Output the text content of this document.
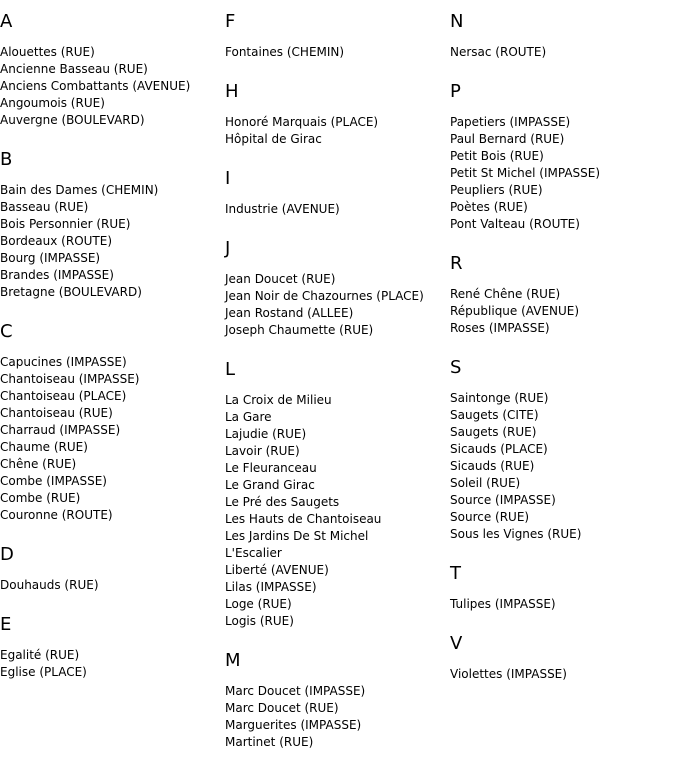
A
Alouettes (RUE)
Ancienne Basseau (RUE)
Anciens Combattants (AVENUE)
Angoumois (RUE)
Auvergne (BOULEVARD)
B
Bain des Dames (CHEMIN)
Basseau (RUE)
Bois Personnier (RUE)
Bordeaux (ROUTE)
Bourg (IMPASSE)
Brandes (IMPASSE)
Bretagne (BOULEVARD)
C
Capucines (IMPASSE)
Chantoiseau (IMPASSE)
Chantoiseau (PLACE)
Chantoiseau (RUE)
Charraud (IMPASSE)
Chaume (RUE)
Chêne (RUE)
Combe (IMPASSE)
Combe (RUE)
Couronne (ROUTE)
D
Douhauds (RUE)
E
Egalité (RUE)
Eglise (PLACE)
F
Fontaines (CHEMIN)
H
Honoré Marquais (PLACE)
Hôpital de Girac
I
Industrie (AVENUE)
J
Jean Doucet (RUE)
Jean Noir de Chazournes (PLACE)
Jean Rostand (ALLEE)
Joseph Chaumette (RUE)
L
La Croix de Milieu
La Gare
Lajudie (RUE)
Lavoir (RUE)
Le Fleuranceau
Le Grand Girac
Le Pré des Saugets
Les Hauts de Chantoiseau
Les Jardins De St Michel
L'Escalier
Liberté (AVENUE)
Lilas (IMPASSE)
Loge (RUE)
Logis (RUE)
M
Marc Doucet (IMPASSE)
Marc Doucet (RUE)
Marguerites (IMPASSE)
Martinet (RUE)
N
Nersac (ROUTE)
P
Papetiers (IMPASSE)
Paul Bernard (RUE)
Petit Bois (RUE)
Petit St Michel (IMPASSE)
Peupliers (RUE)
Poètes (RUE)
Pont Valteau (ROUTE)
R
René Chêne (RUE)
République (AVENUE)
Roses (IMPASSE)
S
Saintonge (RUE)
Saugets (CITE)
Saugets (RUE)
Sicauds (PLACE)
Sicauds (RUE)
Soleil (RUE)
Source (IMPASSE)
Source (RUE)
Sous les Vignes (RUE)
T
Tulipes (IMPASSE)
V
Violettes (IMPASSE)
